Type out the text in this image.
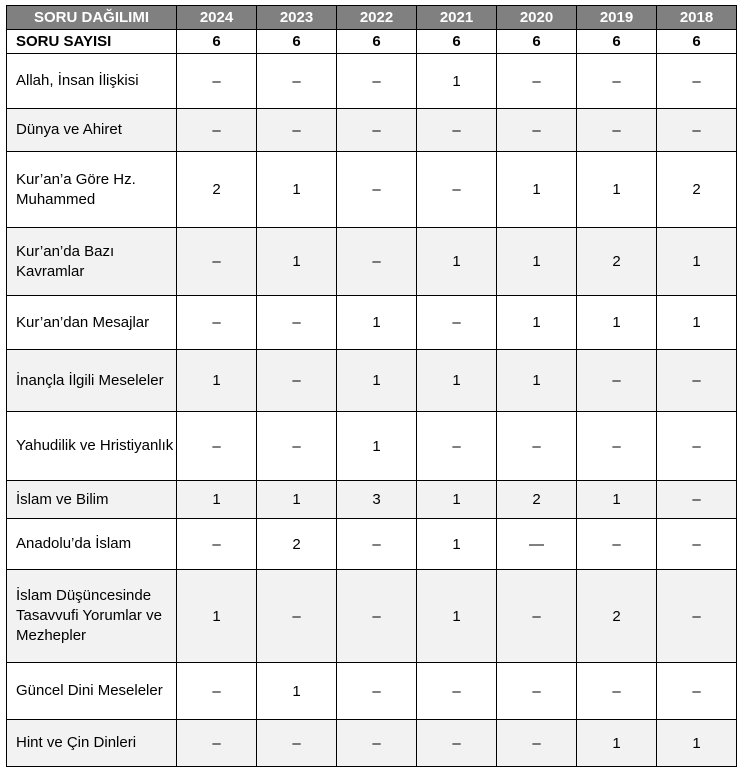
SORU DAĞILIMI	2024	2023	2022	2021	2020	2019	2018
SORU SAYISI	6	6	6	6	6	6	6
Allah, İnsan İlişkisi	–	–	–	1	–	–	–
Dünya ve Ahiret	–	–	–	–	–	–	–
Kur’an’a Göre Hz. Muhammed	2	1	–	–	1	1	2
Kur’an’da Bazı Kavramlar	–	1	–	1	1	2	1
Kur’an’dan Mesajlar	–	–	1	–	1	1	1
İnançla İlgili Meseleler	1	–	1	1	1	–	–
Yahudilik ve Hristiyanlık	–	–	1	–	–	–	–
İslam ve Bilim	1	1	3	1	2	1	–
Anadolu’da İslam	–	2	–	1	—	–	–
İslam Düşüncesinde Tasavvufi Yorumlar ve Mezhepler	1	–	–	1	–	2	–
Güncel Dini Meseleler	–	1	–	–	–	–	–
Hint ve Çin Dinleri	–	–	–	–	–	1	1
